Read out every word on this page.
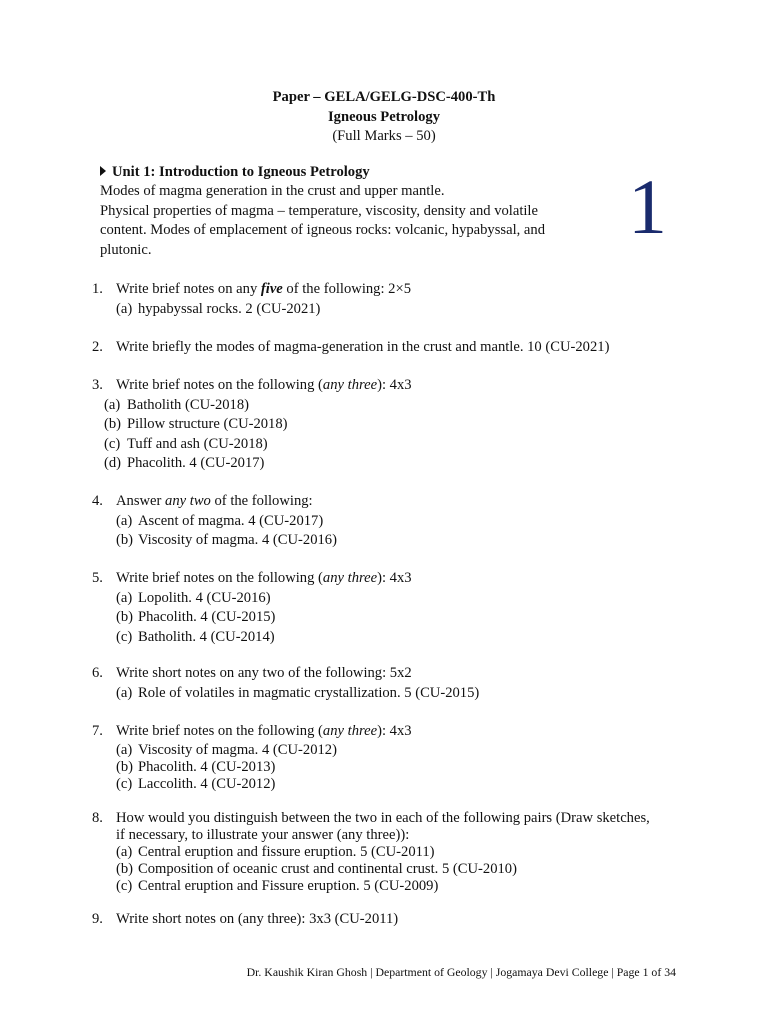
Paper – GELA/GELG-DSC-400-Th
Igneous Petrology
(Full Marks – 50)
Unit 1: Introduction to Igneous Petrology
Modes of magma generation in the crust and upper mantle.
Physical properties of magma – temperature, viscosity, density and volatile
content. Modes of emplacement of igneous rocks: volcanic, hypabyssal, and
plutonic.	1
1. Write brief notes on any five of the following: 2×5
(a) hypabyssal rocks. 2 (CU-2021)
2. Write briefly the modes of magma-generation in the crust and mantle. 10 (CU-2021)
3. Write brief notes on the following (any three): 4x3
(a) Batholith (CU-2018)
(b) Pillow structure (CU-2018)
(c) Tuff and ash (CU-2018)
(d) Phacolith. 4 (CU-2017)
4. Answer any two of the following:
(a) Ascent of magma. 4 (CU-2017)
(b) Viscosity of magma. 4 (CU-2016)
5. Write brief notes on the following (any three): 4x3
(a) Lopolith. 4 (CU-2016)
(b) Phacolith. 4 (CU-2015)
(c) Batholith. 4 (CU-2014)
6. Write short notes on any two of the following: 5x2
(a) Role of volatiles in magmatic crystallization. 5 (CU-2015)
7. Write brief notes on the following (any three): 4x3
(a) Viscosity of magma. 4 (CU-2012)
(b) Phacolith. 4 (CU-2013)
(c) Laccolith. 4 (CU-2012)
8. How would you distinguish between the two in each of the following pairs (Draw sketches,
if necessary, to illustrate your answer (any three)):
(a) Central eruption and fissure eruption. 5 (CU-2011)
(b) Composition of oceanic crust and continental crust. 5 (CU-2010)
(c) Central eruption and Fissure eruption. 5 (CU-2009)
9. Write short notes on (any three): 3x3 (CU-2011)
Dr. Kaushik Kiran Ghosh | Department of Geology | Jogamaya Devi College | Page 1 of 34
